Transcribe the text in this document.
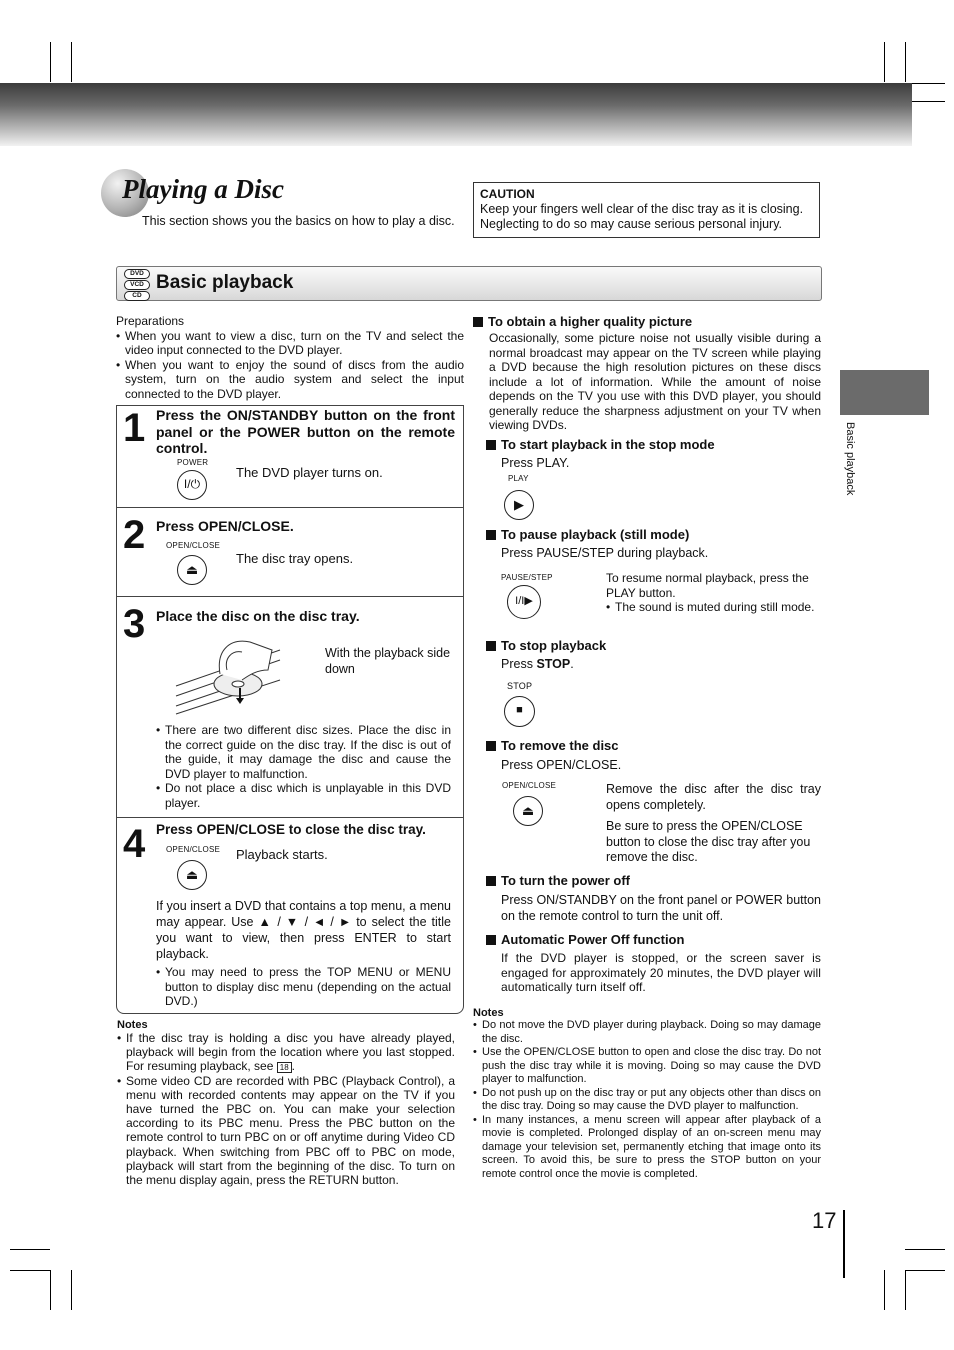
Playing a Disc
This section shows you the basics on how to play a disc.
CAUTION
Keep your fingers well clear of the disc tray as it is closing. Neglecting to do so may cause serious personal injury.
DVD
VCD
CD
Basic playback
Preparations
• When you want to view a disc, turn on the TV and select the video input connected to the DVD player.
• When you want to enjoy the sound of discs from the audio system, turn on the audio system and select the input connected to the DVD player.
1 Press the ON/STANDBY button on the front panel or the POWER button on the remote control.
POWER
I/⏻
The DVD player turns on.
2 Press OPEN/CLOSE.
OPEN/CLOSE
⏏
The disc tray opens.
3 Place the disc on the disc tray.
With the playback side down
• There are two different disc sizes. Place the disc in the correct guide on the disc tray. If the disc is out of the guide, it may damage the disc and cause the DVD player to malfunction.
• Do not place a disc which is unplayable in this DVD player.
4 Press OPEN/CLOSE to close the disc tray.
OPEN/CLOSE
⏏
Playback starts.
If you insert a DVD that contains a top menu, a menu may appear. Use ▲ / ▼ / ◄ / ► to select the title you want to view, then press ENTER to start playback.
• You may need to press the TOP MENU or MENU button to display disc menu (depending on the actual DVD.)
Notes
• If the disc tray is holding a disc you have already played, playback will begin from the location where you last stopped. For resuming playback, see 18 .
• Some video CD are recorded with PBC (Playback Control), a menu with recorded contents may appear on the TV if you have turned the PBC on. You can make your selection according to its PBC menu. Press the PBC button on the remote control to turn PBC on or off anytime during Video CD playback. When switching from PBC off to PBC on mode, playback will start from the beginning of the disc. To turn on the menu display again, press the RETURN button.
To obtain a higher quality picture
Occasionally, some picture noise not usually visible during a normal broadcast may appear on the TV screen while playing a DVD because the high resolution pictures on these discs include a lot of information. While the amount of noise depends on the TV you use with this DVD player, you should generally reduce the sharpness adjustment on your TV when viewing DVDs.
To start playback in the stop mode
Press PLAY.
PLAY
▶
To pause playback (still mode)
Press PAUSE/STEP during playback.
PAUSE/STEP
I/I▶
To resume normal playback, press the PLAY button.
• The sound is muted during still mode.
To stop playback
Press STOP.
STOP
■
To remove the disc
Press OPEN/CLOSE.
OPEN/CLOSE
⏏
Remove the disc after the disc tray opens completely.
Be sure to press the OPEN/CLOSE button to close the disc tray after you remove the disc.
To turn the power off
Press ON/STANDBY on the front panel or POWER button on the remote control to turn the unit off.
Automatic Power Off function
If the DVD player is stopped, or the screen saver is engaged for approximately 20 minutes, the DVD player will automatically turn itself off.
Notes
• Do not move the DVD player during playback. Doing so may damage the disc.
• Use the OPEN/CLOSE button to open and close the disc tray. Do not push the disc tray while it is moving. Doing so may cause the DVD player to malfunction.
• Do not push up on the disc tray or put any objects other than discs on the disc tray. Doing so may cause the DVD player to malfunction.
• In many instances, a menu screen will appear after playback of a movie is completed. Prolonged display of an on-screen menu may damage your television set, permanently etching that image onto its screen. To avoid this, be sure to press the STOP button on your remote control once the movie is completed.
Basic playback
17
